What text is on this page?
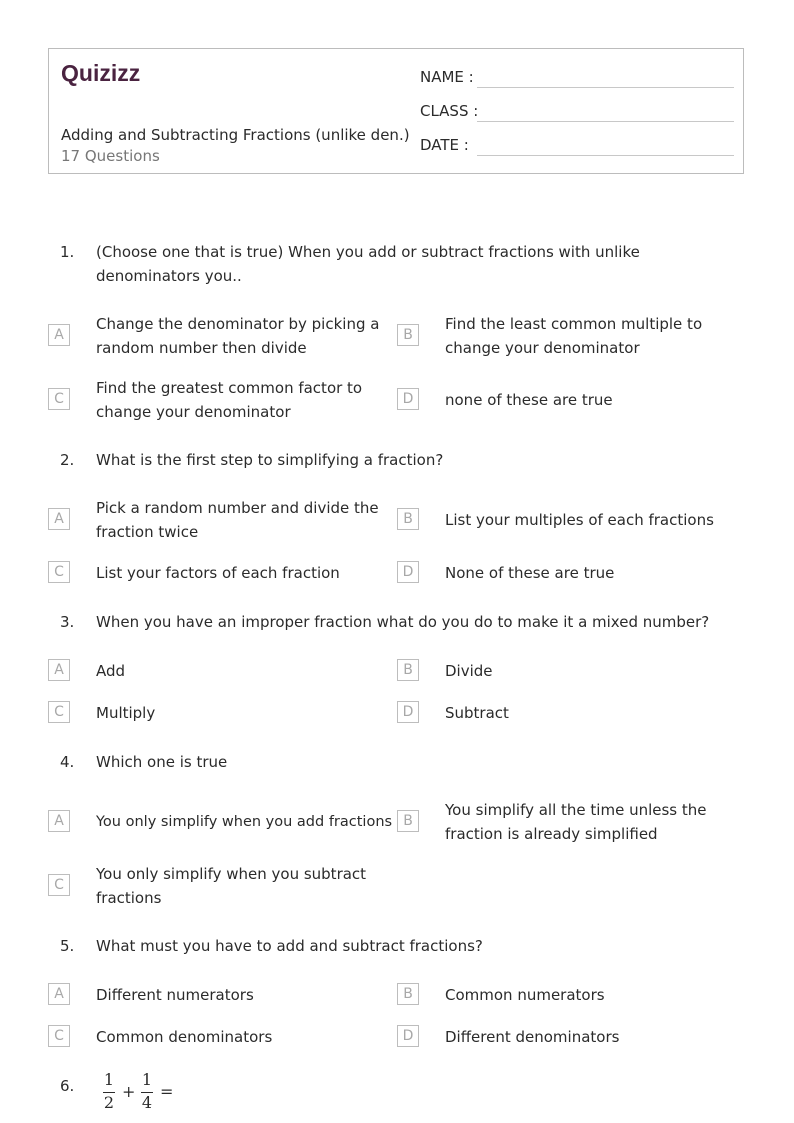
Quizizz
Adding and Subtracting Fractions (unlike den.)
17 Questions
NAME :
CLASS :
DATE :
1. (Choose one that is true) When you add or subtract fractions with unlike denominators you..
A
Change the denominator by picking a random number then divide
B
Find the least common multiple to change your denominator
C
Find the greatest common factor to change your denominator
D	none of these are true
2. What is the first step to simplifying a fraction?
A
Pick a random number and divide the fraction twice
B	List your multiples of each fractions
C	List your factors of each fraction	D	None of these are true
3. When you have an improper fraction what do you do to make it a mixed number?
A	Add	B	Divide
C	Multiply	D	Subtract
4. Which one is true
A	You only simplify when you add fractions B
You simplify all the time unless the fraction is already simplified
C
You only simplify when you subtract fractions
5. What must you have to add and subtract fractions?
A	Different numerators	B	Common numerators
C	Common denominators	D	Different denominators
6. 1
2
+
1
4
=
